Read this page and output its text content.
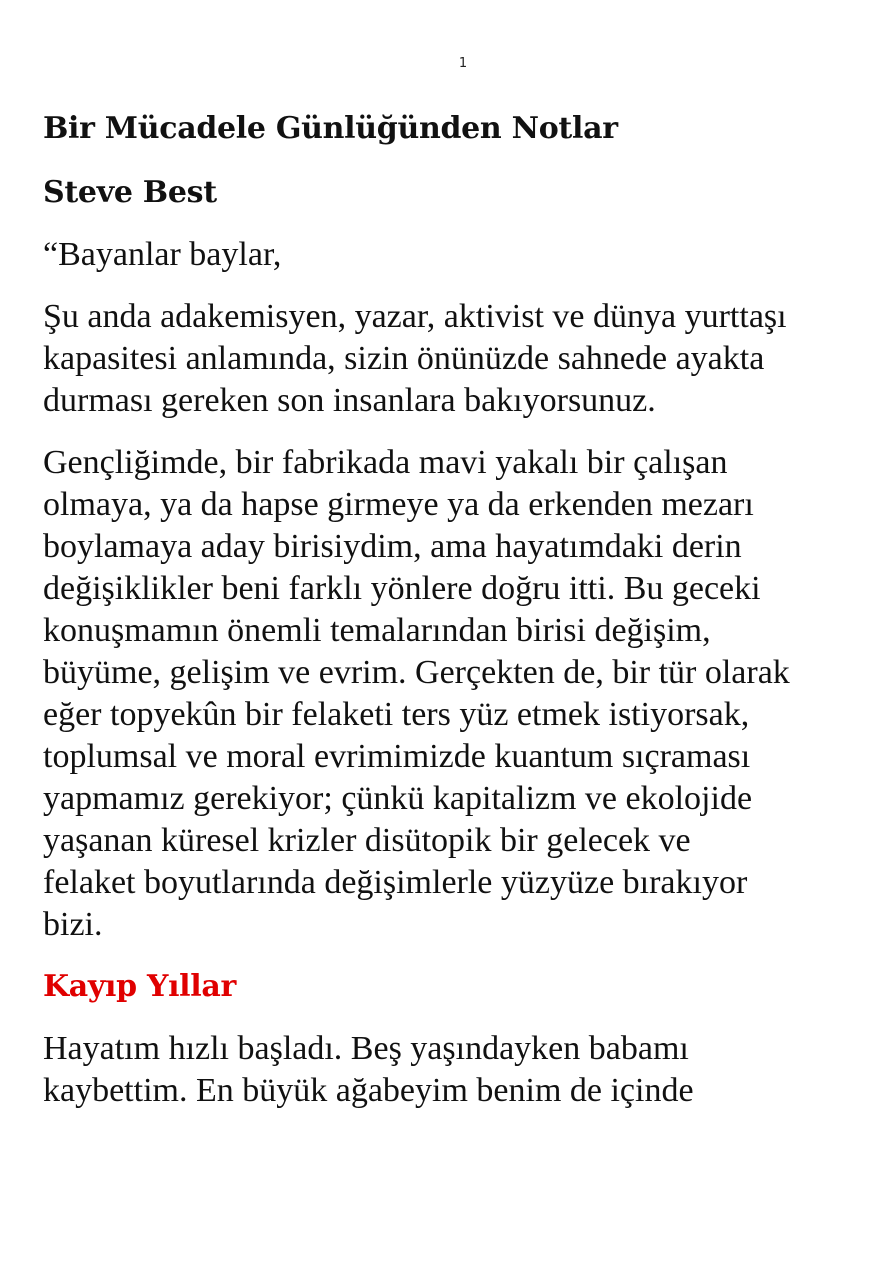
1
Bir Mücadele Günlüğünden Notlar
Steve Best
“Bayanlar baylar,
Şu anda adakemisyen, yazar, aktivist ve dünya yurttaşı
kapasitesi anlamında, sizin önünüzde sahnede ayakta
durması gereken son insanlara bakıyorsunuz.
Gençliğimde, bir fabrikada mavi yakalı bir çalışan
olmaya, ya da hapse girmeye ya da erkenden mezarı
boylamaya aday birisiydim, ama hayatımdaki derin
değişiklikler beni farklı yönlere doğru itti. Bu geceki
konuşmamın önemli temalarından birisi değişim,
büyüme, gelişim ve evrim. Gerçekten de, bir tür olarak
eğer topyekûn bir felaketi ters yüz etmek istiyorsak,
toplumsal ve moral evrimimizde kuantum sıçraması
yapmamız gerekiyor; çünkü kapitalizm ve ekolojide
yaşanan küresel krizler disütopik bir gelecek ve
felaket boyutlarında değişimlerle yüzyüze bırakıyor
bizi.
Kayıp Yıllar
Hayatım hızlı başladı. Beş yaşındayken babamı
kaybettim. En büyük ağabeyim benim de içinde
